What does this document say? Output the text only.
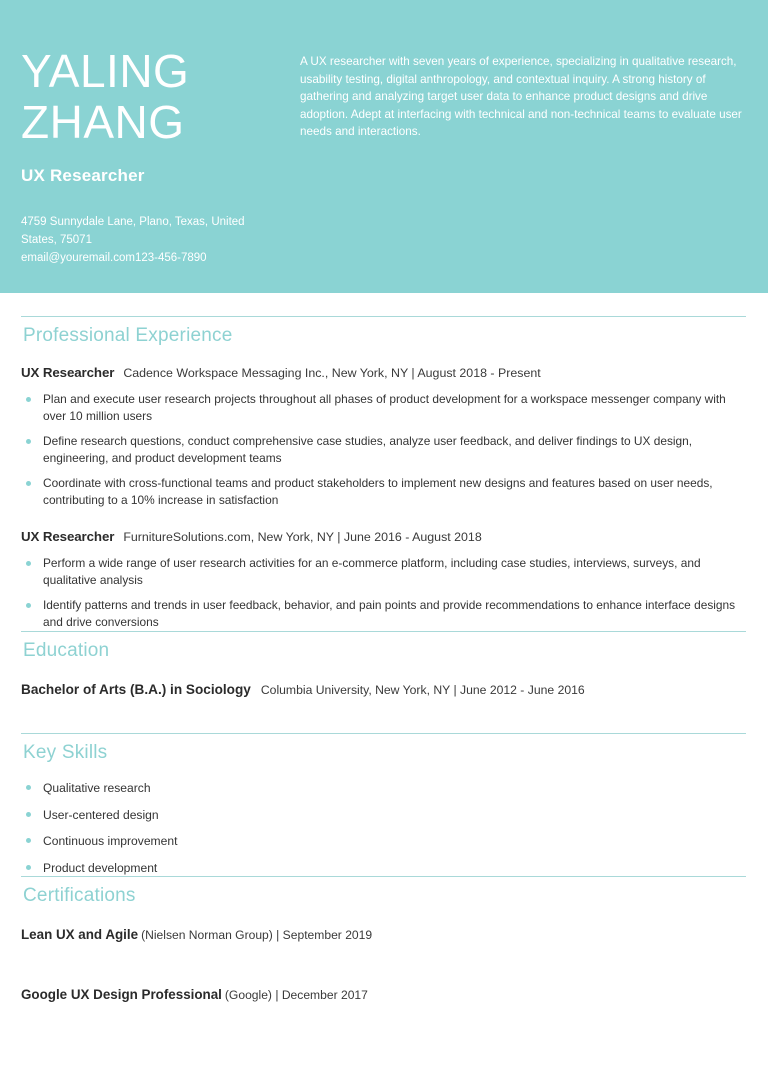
YALING
ZHANG
UX Researcher
4759 Sunnydale Lane, Plano, Texas, United
States, 75071
email@youremail.com123-456-7890
A UX researcher with seven years of experience, specializing in qualitative research, usability testing, digital anthropology, and contextual inquiry. A strong history of gathering and analyzing target user data to enhance product designs and drive adoption. Adept at interfacing with technical and non-technical teams to evaluate user needs and interactions.
Professional Experience
UX Researcher Cadence Workspace Messaging Inc., New York, NY | August 2018 - Present
Plan and execute user research projects throughout all phases of product development for a workspace messenger company with over 10 million users
Define research questions, conduct comprehensive case studies, analyze user feedback, and deliver findings to UX design, engineering, and product development teams
Coordinate with cross-functional teams and product stakeholders to implement new designs and features based on user needs, contributing to a 10% increase in satisfaction
UX Researcher FurnitureSolutions.com, New York, NY | June 2016 - August 2018
Perform a wide range of user research activities for an e-commerce platform, including case studies, interviews, surveys, and qualitative analysis
Identify patterns and trends in user feedback, behavior, and pain points and provide recommendations to enhance interface designs and drive conversions
Education
Bachelor of Arts (B.A.) in Sociology Columbia University, New York, NY | June 2012 - June 2016
Key Skills
Qualitative research
User-centered design
Continuous improvement
Product development
Certifications
Lean UX and Agile (Nielsen Norman Group) | September 2019
Google UX Design Professional (Google) | December 2017
